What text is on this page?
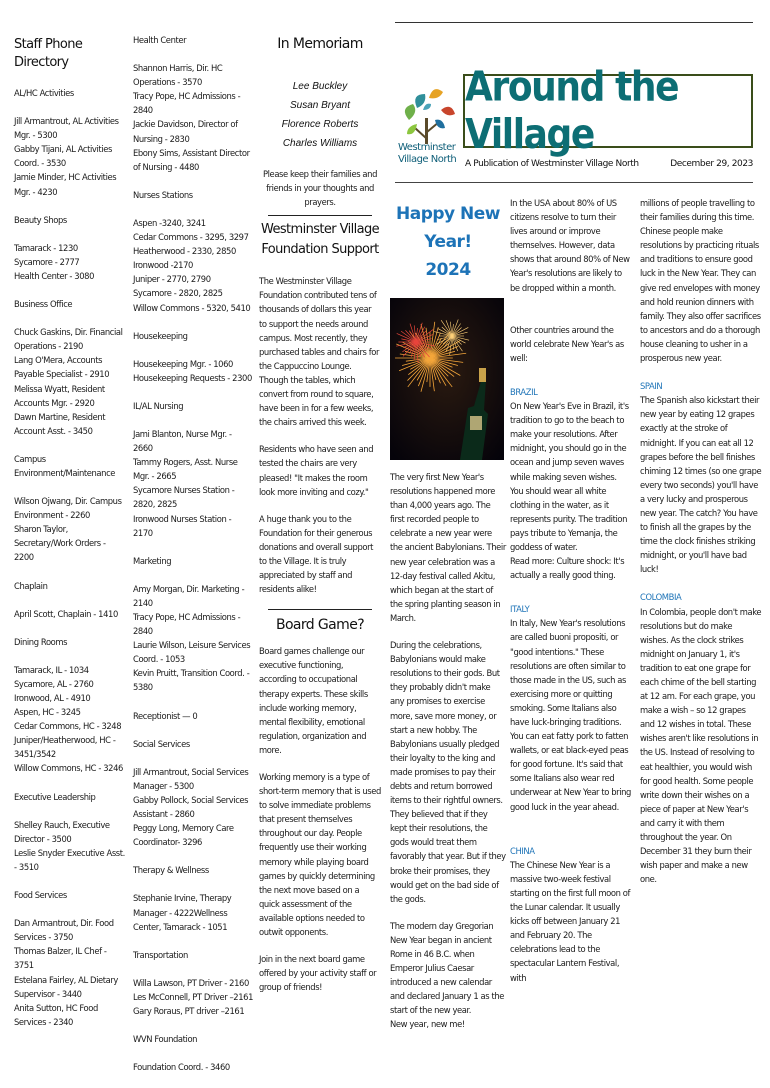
Staff Phone Directory
AL/HC Activities
Jill Armantrout, AL Activities Mgr. - 5300
Gabby Tijani, AL Activities Coord. - 3530
Jamie Minder, HC Activities Mgr. - 4230
Beauty Shops
Tamarack - 1230
Sycamore - 2777
Health Center - 3080
Business Office
Chuck Gaskins, Dir. Financial Operations - 2190
Lang O'Mera, Accounts Payable Specialist - 2910
Melissa Wyatt, Resident Accounts Mgr. - 2920
Dawn Martine, Resident Account Asst. - 3450
Campus Environment/Maintenance
Wilson Ojwang, Dir. Campus Environment - 2260
Sharon Taylor, Secretary/Work Orders - 2200
Chaplain
April Scott, Chaplain - 1410
Dining Rooms
Tamarack, IL - 1034
Sycamore, AL - 2760
Ironwood, AL - 4910
Aspen, HC - 3245
Cedar Commons, HC - 3248
Juniper/Heatherwood, HC - 3451/3542
Willow Commons, HC - 3246
Executive Leadership
Shelley Rauch, Executive Director - 3500
Leslie Snyder Executive Asst. - 3510
Food Services
Dan Armantrout, Dir. Food Services - 3750
Thomas Balzer, IL Chef - 3751
Estelana Fairley, AL Dietary Supervisor - 3440
Anita Sutton, HC Food Services - 2340
Health Center
Shannon Harris, Dir. HC Operations - 3570
Tracy Pope, HC Admissions - 2840
Jackie Davidson, Director of Nursing - 2830
Ebony Sims, Assistant Director of Nursing - 4480
Nurses Stations
Aspen -3240, 3241
Cedar Commons - 3295, 3297
Heatherwood - 2330, 2850
Ironwood -2170
Juniper - 2770, 2790
Sycamore - 2820, 2825
Willow Commons - 5320, 5410
Housekeeping
Housekeeping Mgr. - 1060
Housekeeping Requests - 2300
IL/AL Nursing
Jami Blanton, Nurse Mgr. - 2660
Tammy Rogers, Asst. Nurse Mgr. - 2665
Sycamore Nurses Station - 2820, 2825
Ironwood Nurses Station - 2170
Marketing
Amy Morgan, Dir. Marketing - 2140
Tracy Pope, HC Admissions - 2840
Laurie Wilson, Leisure Services Coord. - 1053
Kevin Pruitt, Transition Coord. - 5380
Receptionist — 0
Social Services
Jill Armantrout, Social Services Manager - 5300
Gabby Pollock, Social Services Assistant - 2860
Peggy Long, Memory Care Coordinator- 3296
Therapy & Wellness
Stephanie Irvine, Therapy Manager - 4222Wellness Center, Tamarack - 1051
Transportation
Willa Lawson, PT Driver - 2160
Les McConnell, PT Driver –2161
Gary Roraus, PT driver –2161
WVN Foundation
Foundation Coord. - 3460
In Memoriam
Lee Buckley
Susan Bryant
Florence Roberts
Charles Williams
Please keep their families and friends in your thoughts and prayers.
Westminster Village Foundation Support

The Westminster Village Foundation contributed tens of thousands of dollars this year to support the needs around campus. Most recently, they purchased tables and chairs for the Cappuccino Lounge. Though the tables, which convert from round to square, have been in for a few weeks, the chairs arrived this week.

Residents who have seen and tested the chairs are very pleased! "It makes the room look more inviting and cozy."

A huge thank you to the Foundation for their generous donations and overall support to the Village. It is truly appreciated by staff and residents alike!

Board Game?

Board games challenge our executive functioning, according to occupational therapy experts. These skills include working memory, mental flexibility, emotional regulation, organization and more.

Working memory is a type of short-term memory that is used to solve immediate problems that present themselves throughout our day. People frequently use their working memory while playing board games by quickly determining the next move based on a quick assessment of the available options needed to outwit opponents.

Join in the next board game offered by your activity staff or group of friends!

Westminster
Village North
Around the Village
A Publication of Westminster Village North	December 29, 2023
Happy New Year!
2024

The very first New Year's resolutions happened more than 4,000 years ago. The first recorded people to celebrate a new year were the ancient Babylonians. Their new year celebration was a 12-day festival called Akitu, which began at the start of the spring planting season in March.

During the celebrations, Babylonians would make resolutions to their gods. But they probably didn't make any promises to exercise more, save more money, or start a new hobby. The Babylonians usually pledged their loyalty to the king and made promises to pay their debts and return borrowed items to their rightful owners. They believed that if they kept their resolutions, the gods would treat them favorably that year. But if they broke their promises, they would get on the bad side of the gods.

The modern day Gregorian New Year began in ancient Rome in 46 B.C. when Emperor Julius Caesar introduced a new calendar and declared January 1 as the start of the new year.

New year, new me!

In the USA about 80% of US citizens resolve to turn their lives around or improve themselves. However, data shows that around 80% of New Year's resolutions are likely to be dropped within a month.

Other countries around the world celebrate New Year's as well:

BRAZIL

On New Year's Eve in Brazil, it's tradition to go to the beach to make your resolutions. After midnight, you should go in the ocean and jump seven waves while making seven wishes. You should wear all white clothing in the water, as it represents purity. The tradition pays tribute to Yemanja, the goddess of water.

Read more: Culture shock: It's actually a really good thing.

ITALY

In Italy, New Year's resolutions are called buoni propositi, or "good intentions." These resolutions are often similar to those made in the US, such as exercising more or quitting smoking. Some Italians also have luck-bringing traditions. You can eat fatty pork to fatten wallets, or eat black-eyed peas for good fortune. It's said that some Italians also wear red underwear at New Year to bring good luck in the year ahead.

CHINA

The Chinese New Year is a massive two-week festival starting on the first full moon of the Lunar calendar. It usually kicks off between January 21 and February 20. The celebrations lead to the spectacular Lantern Festival, with

millions of people travelling to their families during this time. Chinese people make resolutions by practicing rituals and traditions to ensure good luck in the New Year. They can give red envelopes with money and hold reunion dinners with family. They also offer sacrifices to ancestors and do a thorough house cleaning to usher in a prosperous new year.

SPAIN

The Spanish also kickstart their new year by eating 12 grapes exactly at the stroke of midnight. If you can eat all 12 grapes before the bell finishes chiming 12 times (so one grape every two seconds) you'll have a very lucky and prosperous new year. The catch? You have to finish all the grapes by the time the clock finishes striking midnight, or you'll have bad luck!

COLOMBIA

In Colombia, people don't make resolutions but do make wishes. As the clock strikes midnight on January 1, it's tradition to eat one grape for each chime of the bell starting at 12 am. For each grape, you make a wish – so 12 grapes and 12 wishes in total. These wishes aren't like resolutions in the US. Instead of resolving to eat healthier, you would wish for good health. Some people write down their wishes on a piece of paper at New Year's and carry it with them throughout the year. On December 31 they burn their wish paper and make a new one.
